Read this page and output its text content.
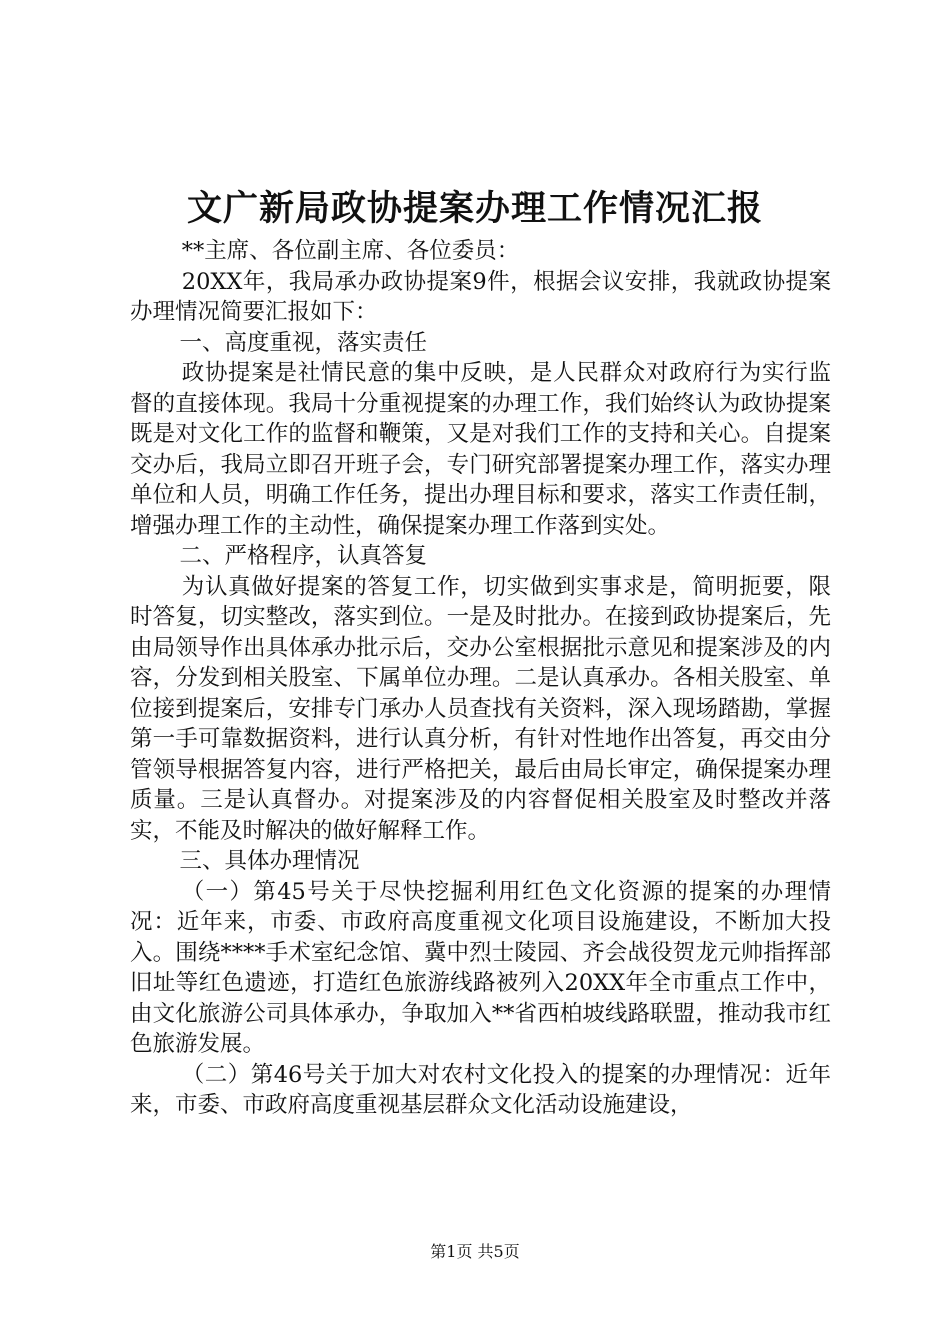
文广新局政协提案办理工作情况汇报

**主席、各位副主席、各位委员：

20XX年，我局承办政协提案9件，根据会议安排，我就政协提案办理情况简要汇报如下：

一、高度重视，落实责任

政协提案是社情民意的集中反映，是人民群众对政府行为实行监督的直接体现。我局十分重视提案的办理工作，我们始终认为政协提案既是对文化工作的监督和鞭策，又是对我们工作的支持和关心。自提案交办后，我局立即召开班子会，专门研究部署提案办理工作，落实办理单位和人员，明确工作任务，提出办理目标和要求，落实工作责任制，增强办理工作的主动性，确保提案办理工作落到实处。

二、严格程序，认真答复

为认真做好提案的答复工作，切实做到实事求是，简明扼要，限时答复，切实整改，落实到位。一是及时批办。在接到政协提案后，先由局领导作出具体承办批示后，交办公室根据批示意见和提案涉及的内容，分发到相关股室、下属单位办理。二是认真承办。各相关股室、单位接到提案后，安排专门承办人员查找有关资料，深入现场踏勘，掌握第一手可靠数据资料，进行认真分析，有针对性地作出答复，再交由分管领导根据答复内容，进行严格把关，最后由局长审定，确保提案办理质量。三是认真督办。对提案涉及的内容督促相关股室及时整改并落实，不能及时解决的做好解释工作。

三、具体办理情况

（一）第45号关于尽快挖掘利用红色文化资源的提案的办理情况：近年来，市委、市政府高度重视文化项目设施建设，不断加大投入。围绕****手术室纪念馆、冀中烈士陵园、齐会战役贺龙元帅指挥部旧址等红色遗迹，打造红色旅游线路被列入20XX年全市重点工作中，由文化旅游公司具体承办，争取加入**省西柏坡线路联盟，推动我市红色旅游发展。

（二）第46号关于加大对农村文化投入的提案的办理情况：近年来，市委、市政府高度重视基层群众文化活动设施建设，

第1页 共5页
